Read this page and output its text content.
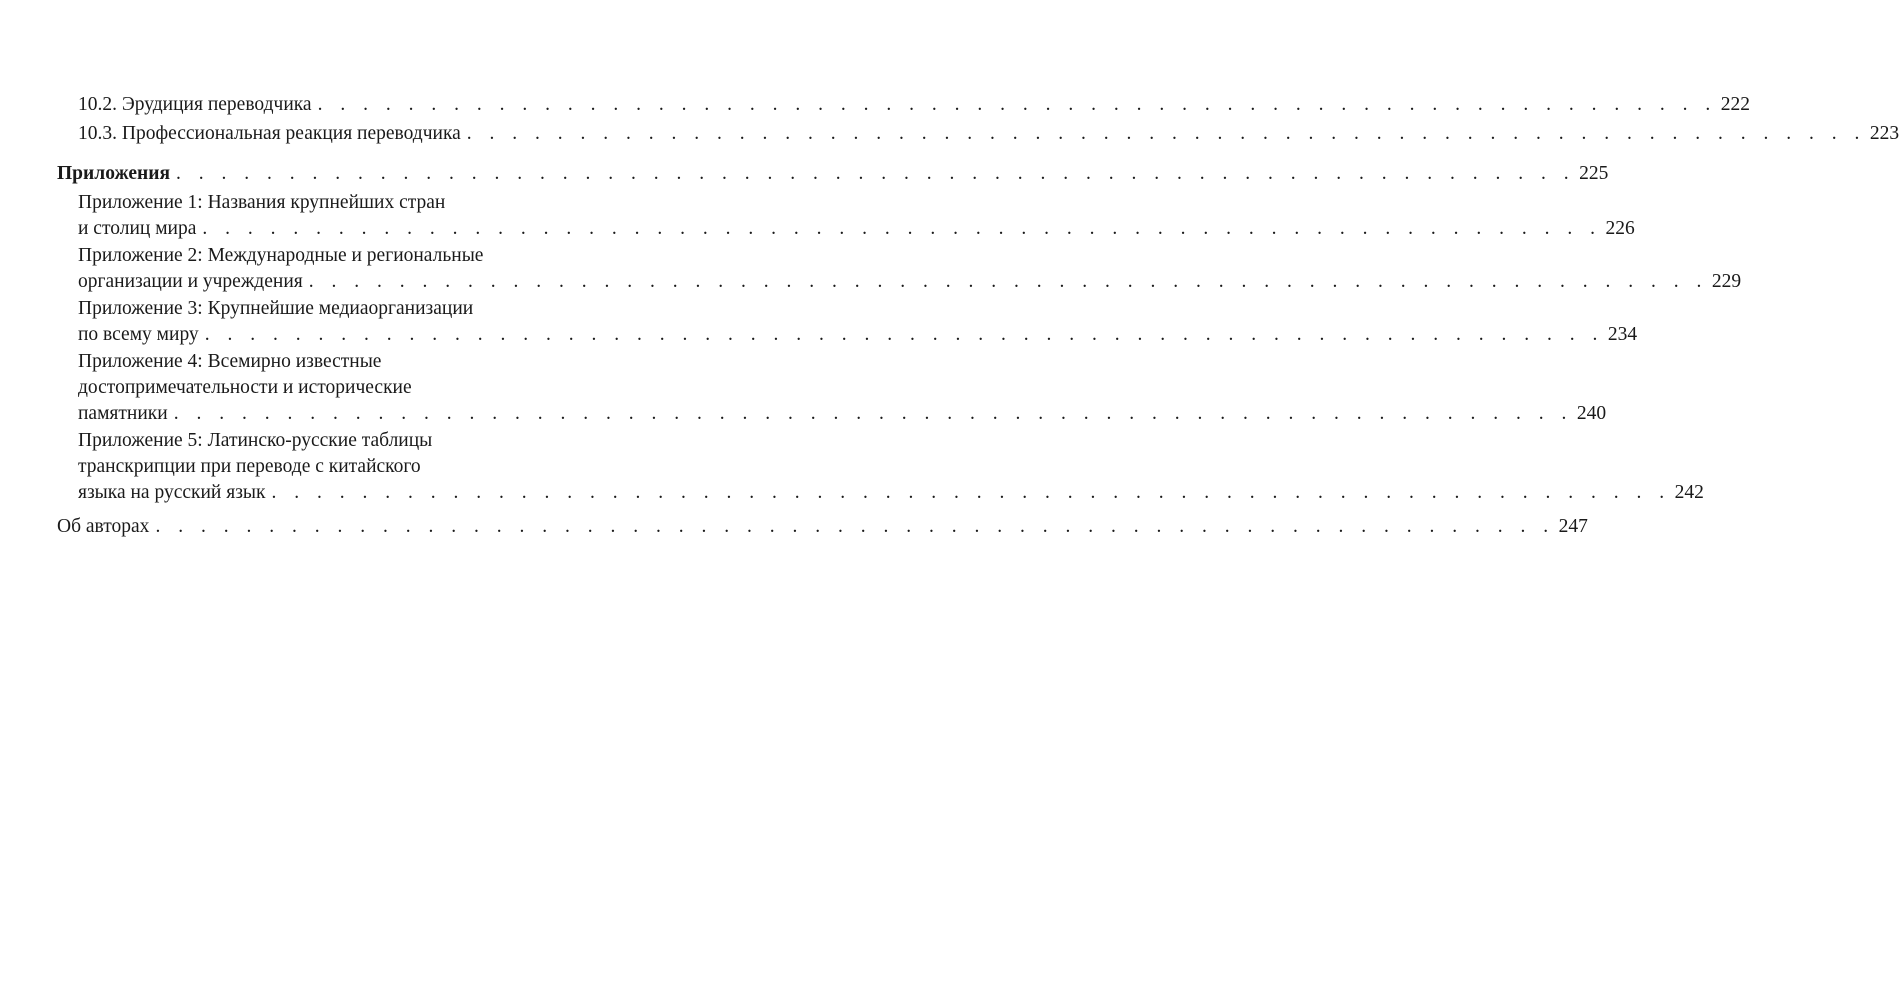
10.2. Эрудиция переводчика . . . . . . . . . . . . . . . . . . . . . . . . . . . . . . . . . . . . . . . . . . . . . . . . . . . . . . . . . . . . . . 222
10.3. Профессиональная реакция переводчика . . . . . . . . . . . . . . . . . . . . . . . . . . . . . . . . . . . . . . . . . . . . . . . . . . . . . . . . . . . . . . 223
Приложения . . . . . . . . . . . . . . . . . . . . . . . . . . . . . . . . . . . . . . . . . . . . . . . . . . . . . . . . . . . . . . 225
Приложение 1: Названия крупнейших стран
и столиц мира . . . . . . . . . . . . . . . . . . . . . . . . . . . . . . . . . . . . . . . . . . . . . . . . . . . . . . . . . . . . . . 226
Приложение 2: Международные и региональные
организации и учреждения . . . . . . . . . . . . . . . . . . . . . . . . . . . . . . . . . . . . . . . . . . . . . . . . . . . . . . . . . . . . . . 229
Приложение 3: Крупнейшие медиаорганизации
по всему миру . . . . . . . . . . . . . . . . . . . . . . . . . . . . . . . . . . . . . . . . . . . . . . . . . . . . . . . . . . . . . . 234
Приложение 4: Всемирно известные
достопримечательности и исторические
памятники . . . . . . . . . . . . . . . . . . . . . . . . . . . . . . . . . . . . . . . . . . . . . . . . . . . . . . . . . . . . . . 240
Приложение 5: Латинско-русские таблицы
транскрипции при переводе с китайского
языка на русский язык . . . . . . . . . . . . . . . . . . . . . . . . . . . . . . . . . . . . . . . . . . . . . . . . . . . . . . . . . . . . . . 242
Об авторах . . . . . . . . . . . . . . . . . . . . . . . . . . . . . . . . . . . . . . . . . . . . . . . . . . . . . . . . . . . . . . 247
